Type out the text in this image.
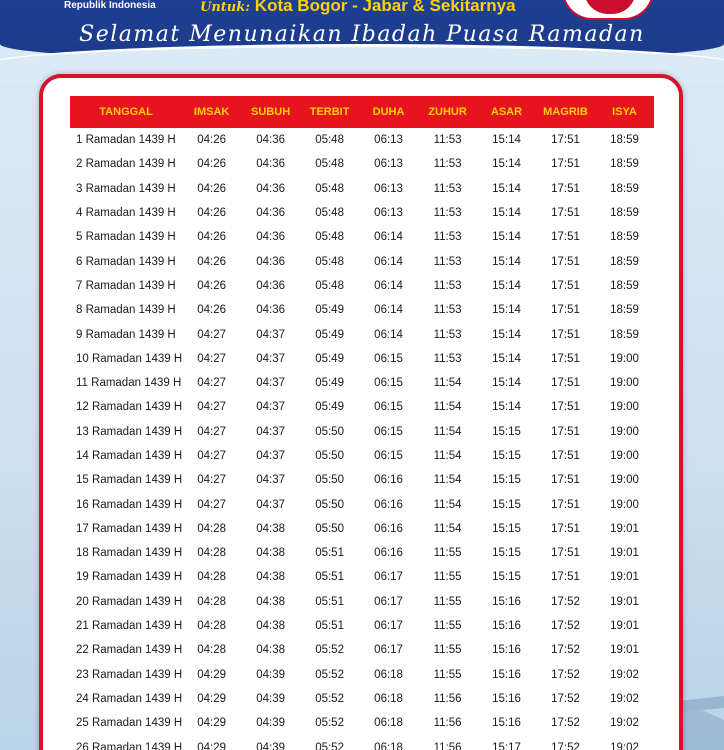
Republik Indonesia	Untuk: Kota Bogor - Jabar & Sekitarnya
Selamat Menunaikan Ibadah Puasa Ramadan
TANGGAL	IMSAK	SUBUH	TERBIT	DUHA	ZUHUR	ASAR	MAGRIB	ISYA
1 Ramadan 1439 H	04:26	04:36	05:48	06:13	11:53	15:14	17:51	18:59
2 Ramadan 1439 H	04:26	04:36	05:48	06:13	11:53	15:14	17:51	18:59
3 Ramadan 1439 H	04:26	04:36	05:48	06:13	11:53	15:14	17:51	18:59
4 Ramadan 1439 H	04:26	04:36	05:48	06:13	11:53	15:14	17:51	18:59
5 Ramadan 1439 H	04:26	04:36	05:48	06:14	11:53	15:14	17:51	18:59
6 Ramadan 1439 H	04:26	04:36	05:48	06:14	11:53	15:14	17:51	18:59
7 Ramadan 1439 H	04:26	04:36	05:48	06:14	11:53	15:14	17:51	18:59
8 Ramadan 1439 H	04:26	04:36	05:49	06:14	11:53	15:14	17:51	18:59
9 Ramadan 1439 H	04:27	04:37	05:49	06:14	11:53	15:14	17:51	18:59
10 Ramadan 1439 H	04:27	04:37	05:49	06:15	11:53	15:14	17:51	19:00
11 Ramadan 1439 H	04:27	04:37	05:49	06:15	11:54	15:14	17:51	19:00
12 Ramadan 1439 H	04:27	04:37	05:49	06:15	11:54	15:14	17:51	19:00
13 Ramadan 1439 H	04:27	04:37	05:50	06:15	11:54	15:15	17:51	19:00
14 Ramadan 1439 H	04:27	04:37	05:50	06:15	11:54	15:15	17:51	19:00
15 Ramadan 1439 H	04:27	04:37	05:50	06:16	11:54	15:15	17:51	19:00
16 Ramadan 1439 H	04:27	04:37	05:50	06:16	11:54	15:15	17:51	19:00
17 Ramadan 1439 H	04:28	04:38	05:50	06:16	11:54	15:15	17:51	19:01
18 Ramadan 1439 H	04:28	04:38	05:51	06:16	11:55	15:15	17:51	19:01
19 Ramadan 1439 H	04:28	04:38	05:51	06:17	11:55	15:15	17:51	19:01
20 Ramadan 1439 H	04:28	04:38	05:51	06:17	11:55	15:16	17:52	19:01
21 Ramadan 1439 H	04:28	04:38	05:51	06:17	11:55	15:16	17:52	19:01
22 Ramadan 1439 H	04:28	04:38	05:52	06:17	11:55	15:16	17:52	19:01
23 Ramadan 1439 H	04:29	04:39	05:52	06:18	11:55	15:16	17:52	19:02
24 Ramadan 1439 H	04:29	04:39	05:52	06:18	11:56	15:16	17:52	19:02
25 Ramadan 1439 H	04:29	04:39	05:52	06:18	11:56	15:16	17:52	19:02
26 Ramadan 1439 H	04:29	04:39	05:52	06:18	11:56	15:17	17:52	19:02
